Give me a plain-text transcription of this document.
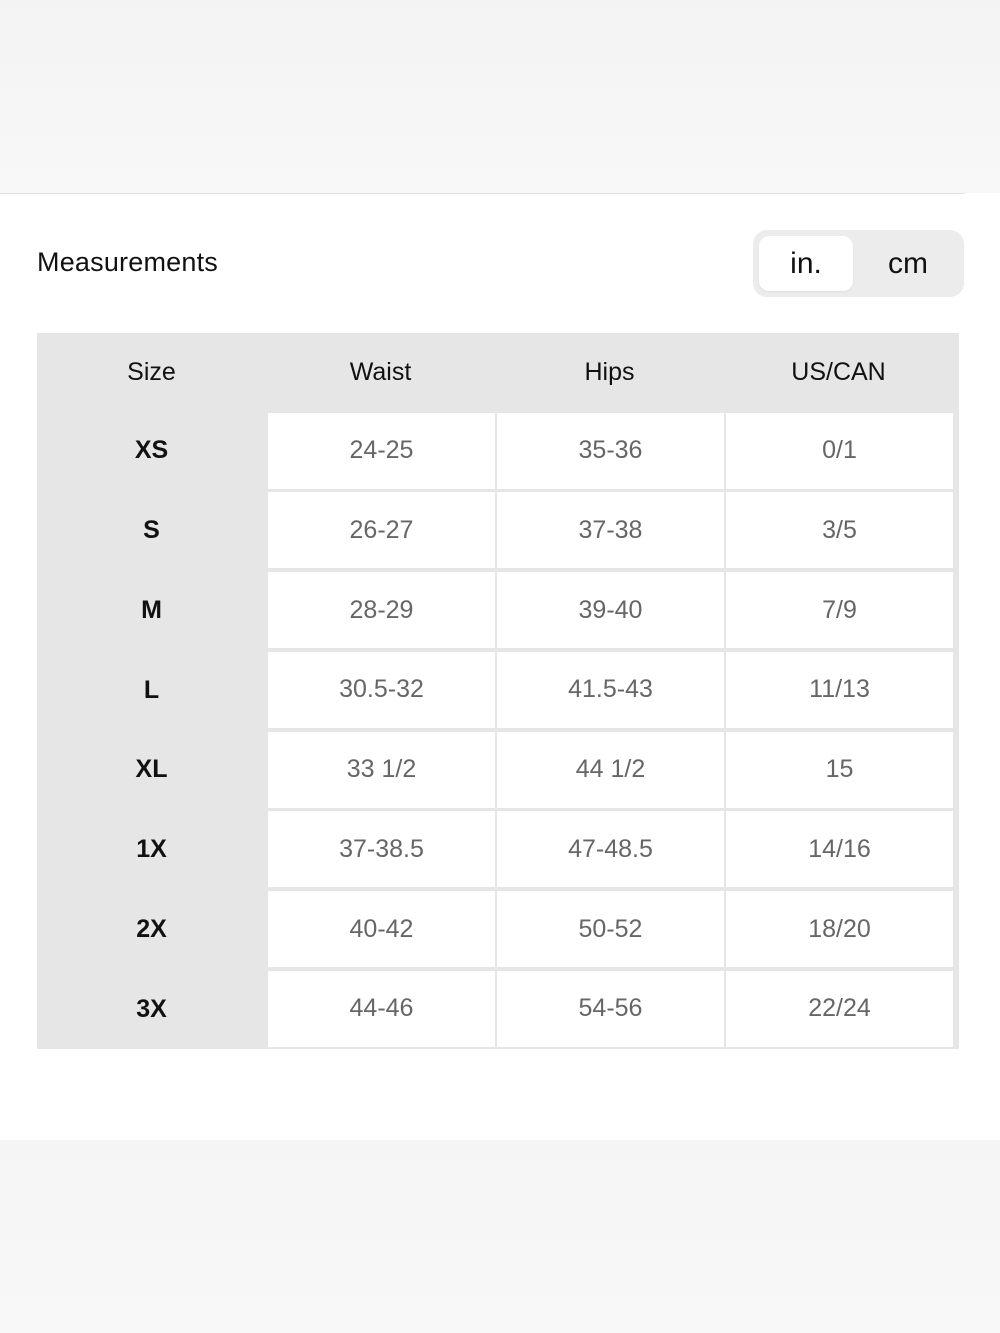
Measurements	in.	cm
Size	Waist	Hips	US/CAN
XS	24-25	35-36	0/1
S	26-27	37-38	3/5
M	28-29	39-40	7/9
L	30.5-32	41.5-43	11/13
XL	33 1/2	44 1/2	15
1X	37-38.5	47-48.5	14/16
2X	40-42	50-52	18/20
3X	44-46	54-56	22/24
